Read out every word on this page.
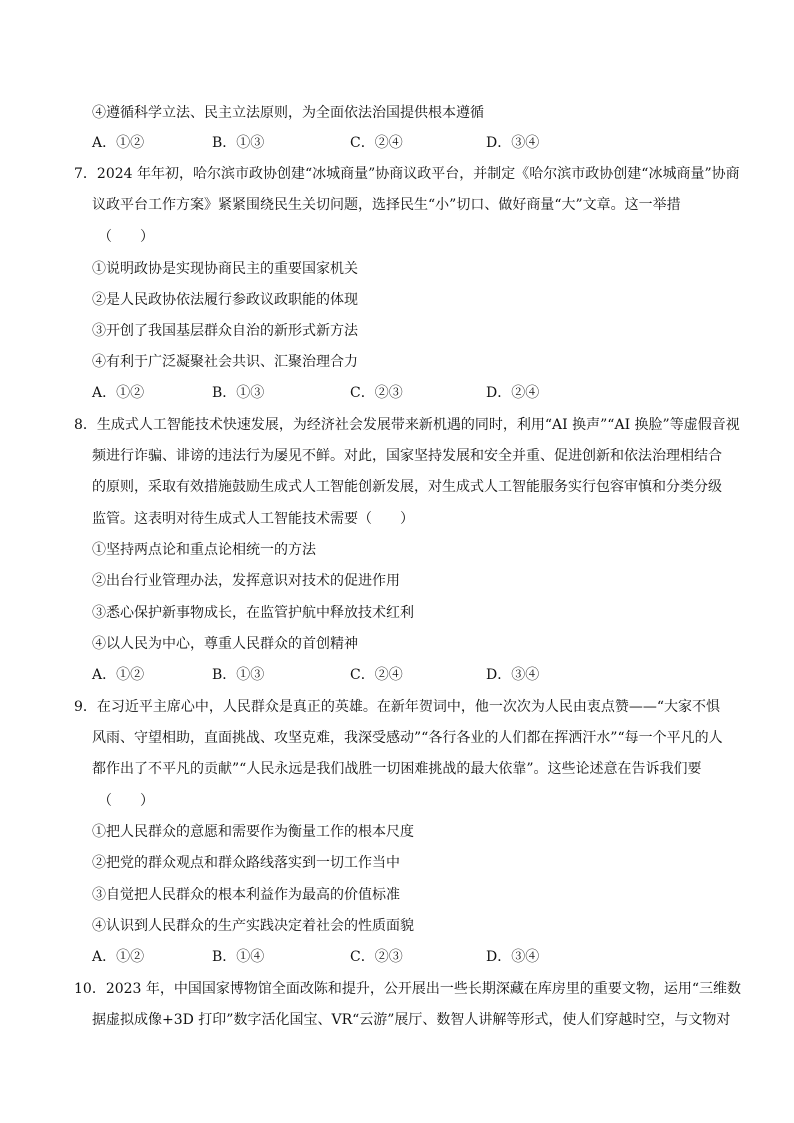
④遵循科学立法、民主立法原则，为全面依法治国提供根本遵循
A．①②	B．①③	C．②④	D．③④
7．2024 年年初，哈尔滨市政协创建“冰城商量”协商议政平台，并制定《哈尔滨市政协创建“冰城商量”协商
议政平台工作方案》紧紧围绕民生关切问题，选择民生“小”切口、做好商量“大”文章。这一举措
（　　）
①说明政协是实现协商民主的重要国家机关
②是人民政协依法履行参政议政职能的体现
③开创了我国基层群众自治的新形式新方法
④有利于广泛凝聚社会共识、汇聚治理合力
A．①②	B．①③	C．②③	D．②④
8．生成式人工智能技术快速发展，为经济社会发展带来新机遇的同时，利用“AI 换声”“AI 换脸”等虚假音视
频进行诈骗、诽谤的违法行为屡见不鲜。对此，国家坚持发展和安全并重、促进创新和依法治理相结合
的原则，采取有效措施鼓励生成式人工智能创新发展，对生成式人工智能服务实行包容审慎和分类分级
监管。这表明对待生成式人工智能技术需要（　　）
①坚持两点论和重点论相统一的方法
②出台行业管理办法，发挥意识对技术的促进作用
③悉心保护新事物成长，在监管护航中释放技术红利
④以人民为中心，尊重人民群众的首创精神
A．①②	B．①③	C．②④	D．③④
9．在习近平主席心中，人民群众是真正的英雄。在新年贺词中，他一次次为人民由衷点赞——“大家不惧
风雨、守望相助，直面挑战、攻坚克难，我深受感动”“各行各业的人们都在挥洒汗水”“每一个平凡的人
都作出了不平凡的贡献”“人民永远是我们战胜一切困难挑战的最大依靠”。这些论述意在告诉我们要
（　　）
①把人民群众的意愿和需要作为衡量工作的根本尺度
②把党的群众观点和群众路线落实到一切工作当中
③自觉把人民群众的根本利益作为最高的价值标准
④认识到人民群众的生产实践决定着社会的性质面貌
A．①②	B．①④	C．②③	D．③④
10．2023 年，中国国家博物馆全面改陈和提升，公开展出一些长期深藏在库房里的重要文物，运用“三维数
据虚拟成像+3D 打印”数字活化国宝、VR“云游”展厅、数智人讲解等形式，使人们穿越时空，与文物对
